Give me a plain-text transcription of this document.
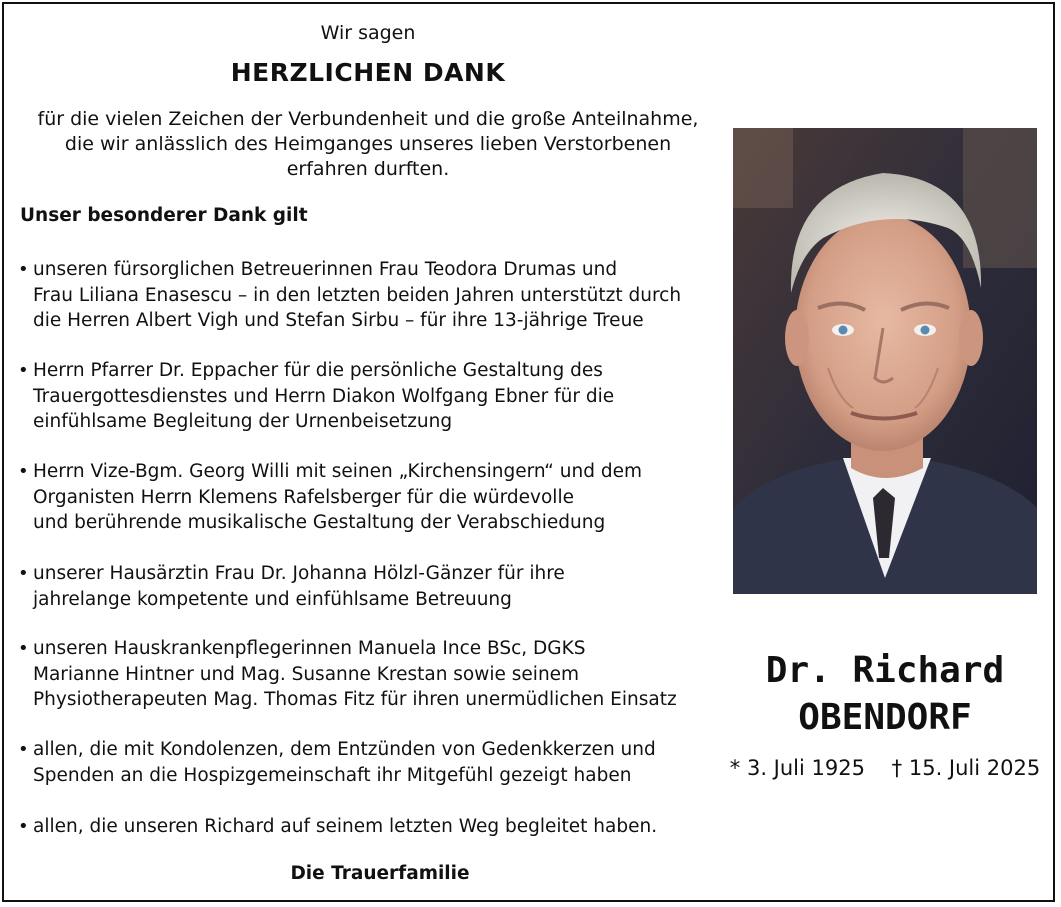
Wir sagen
HERZLICHEN DANK
für die vielen Zeichen der Verbundenheit und die große Anteilnahme,
die wir anlässlich des Heimganges unseres lieben Verstorbenen
erfahren durften.
Unser besonderer Dank gilt
• unseren fürsorglichen Betreuerinnen Frau Teodora Drumas und
Frau Liliana Enasescu – in den letzten beiden Jahren unterstützt durch
die Herren Albert Vigh und Stefan Sirbu – für ihre 13-jährige Treue
• Herrn Pfarrer Dr. Eppacher für die persönliche Gestaltung des
Trauergottesdienstes und Herrn Diakon Wolfgang Ebner für die
einfühlsame Begleitung der Urnenbeisetzung
• Herrn Vize-Bgm. Georg Willi mit seinen „Kirchensingern“ und dem
Organisten Herrn Klemens Rafelsberger für die würdevolle
und berührende musikalische Gestaltung der Verabschiedung
• unserer Hausärztin Frau Dr. Johanna Hölzl-Gänzer für ihre
jahrelange kompetente und einfühlsame Betreuung
• unseren Hauskrankenpflegerinnen Manuela Ince BSc, DGKS
Marianne Hintner und Mag. Susanne Krestan sowie seinem
Physiotherapeuten Mag. Thomas Fitz für ihren unermüdlichen Einsatz
• allen, die mit Kondolenzen, dem Entzünden von Gedenkkerzen und
Spenden an die Hospizgemeinschaft ihr Mitgefühl gezeigt haben
• allen, die unseren Richard auf seinem letzten Weg begleitet haben.
Die Trauerfamilie
Dr. Richard
OBENDORF
* 3. Juli 1925 † 15. Juli 2025
